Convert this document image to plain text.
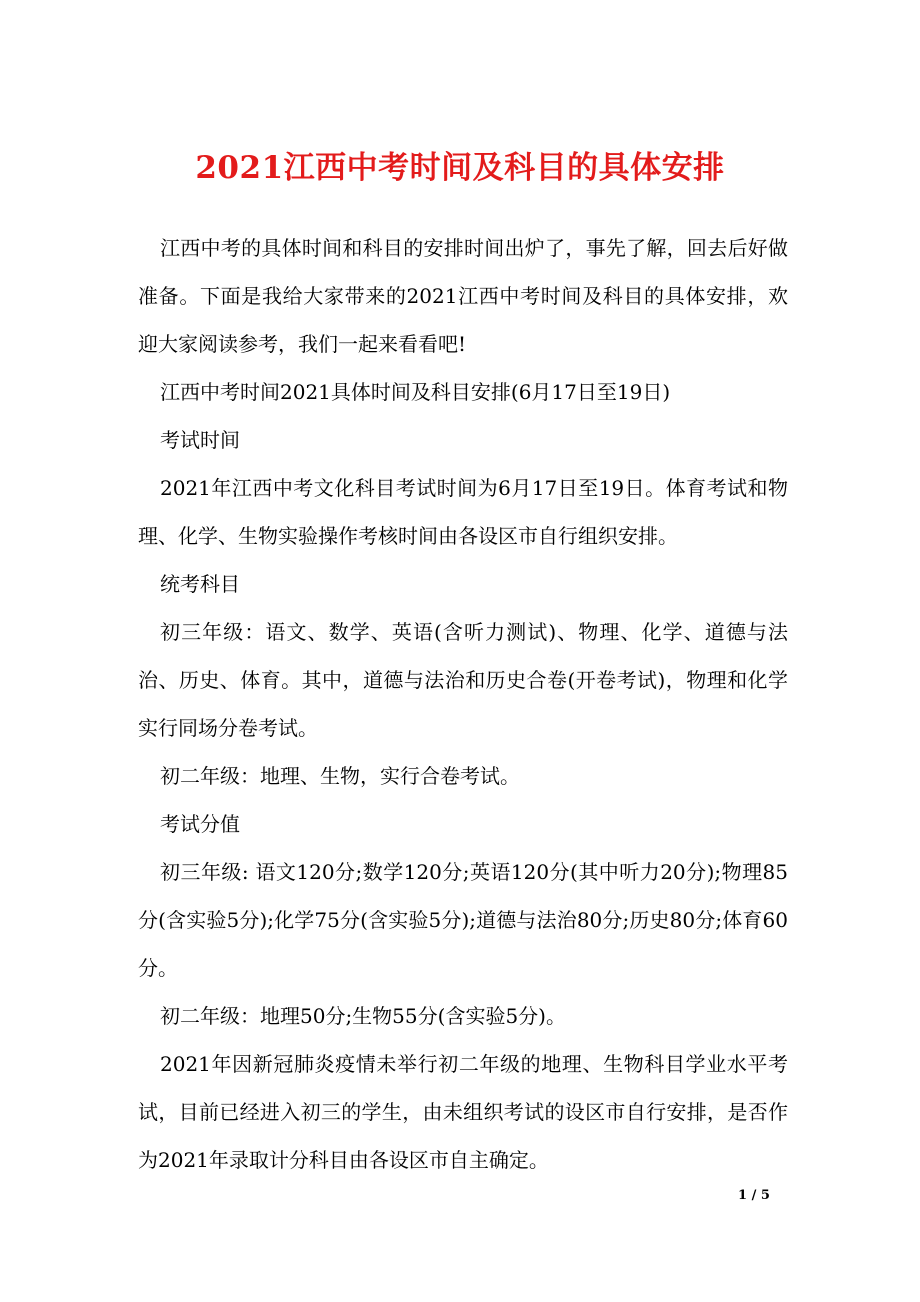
2021江西中考时间及科目的具体安排

江西中考的具体时间和科目的安排时间出炉了，事先了解，回去后好做准备。下面是我给大家带来的2021江西中考时间及科目的具体安排，欢迎大家阅读参考，我们一起来看看吧!

江西中考时间2021具体时间及科目安排(6月17日至19日)

考试时间

2021年江西中考文化科目考试时间为6月17日至19日。体育考试和物理、化学、生物实验操作考核时间由各设区市自行组织安排。

统考科目

初三年级：语文、数学、英语(含听力测试)、物理、化学、道德与法治、历史、体育。其中，道德与法治和历史合卷(开卷考试)，物理和化学实行同场分卷考试。

初二年级：地理、生物，实行合卷考试。

考试分值

初三年级: 语文120分;数学120分;英语120分(其中听力20分);物理85分(含实验5分);化学75分(含实验5分);道德与法治80分;历史80分;体育60分。

初二年级：地理50分;生物55分(含实验5分)。

2021年因新冠肺炎疫情未举行初二年级的地理、生物科目学业水平考试，目前已经进入初三的学生，由未组织考试的设区市自行安排，是否作为2021年录取计分科目由各设区市自主确定。

1 / 5
